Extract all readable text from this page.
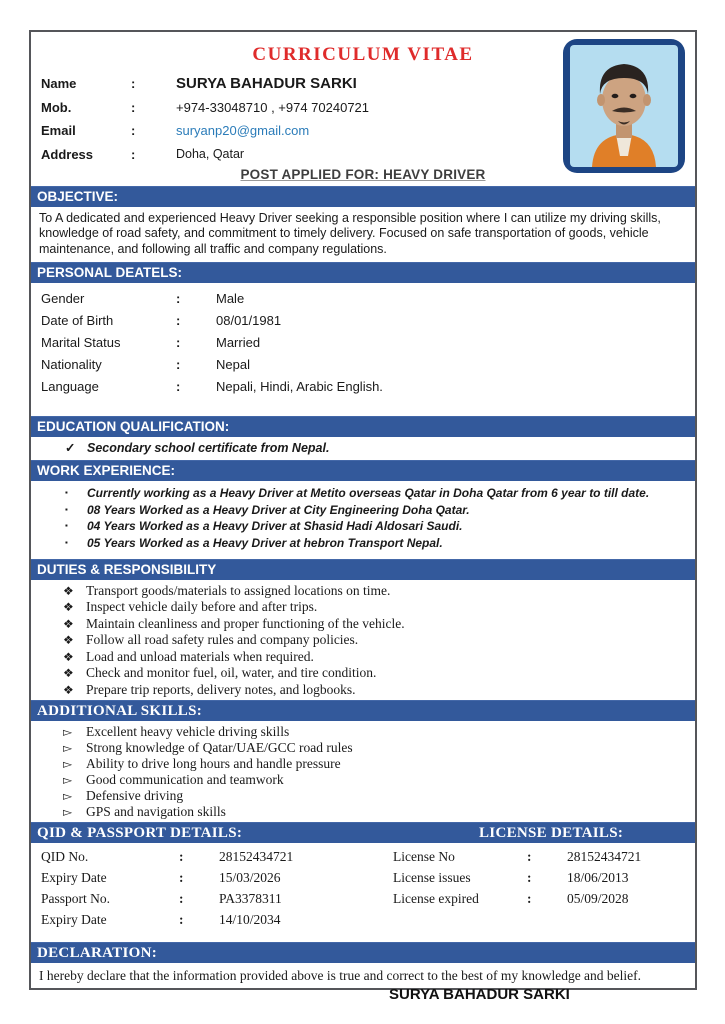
CURRICULUM VITAE
Name	:	SURYA BAHADUR SARKI
Mob.	:	+974-33048710 , +974 70240721
Email	:	suryanp20@gmail.com
Address	:	Doha, Qatar
POST APPLIED FOR: HEAVY DRIVER
OBJECTIVE:
To A dedicated and experienced Heavy Driver seeking a responsible position where I can utilize my driving skills, knowledge of road safety, and commitment to timely delivery. Focused on safe transportation of goods, vehicle maintenance, and following all traffic and company regulations.
PERSONAL DEATELS:
Gender	:	Male
Date of Birth	:	08/01/1981
Marital Status	:	Married
Nationality	:	Nepal
Language	:	Nepali, Hindi, Arabic English.
EDUCATION QUALIFICATION:
✓ Secondary school certificate from Nepal.
WORK EXPERIENCE:
▪	Currently working as a Heavy Driver at Metito overseas Qatar in Doha Qatar from 6 year to till date.
▪	08 Years Worked as a Heavy Driver at City Engineering Doha Qatar.
▪	04 Years Worked as a Heavy Driver at Shasid Hadi Aldosari Saudi.
▪	05 Years Worked as a Heavy Driver at hebron Transport Nepal.
DUTIES & RESPONSIBILITY
❖ Transport goods/materials to assigned locations on time.
❖ Inspect vehicle daily before and after trips.
❖ Maintain cleanliness and proper functioning of the vehicle.
❖ Follow all road safety rules and company policies.
❖ Load and unload materials when required.
❖ Check and monitor fuel, oil, water, and tire condition.
❖ Prepare trip reports, delivery notes, and logbooks.
ADDITIONAL SKILLS:
▻	Excellent heavy vehicle driving skills
▻	Strong knowledge of Qatar/UAE/GCC road rules
▻	Ability to drive long hours and handle pressure
▻	Good communication and teamwork
▻	Defensive driving
▻	GPS and navigation skills
QID & PASSPORT DETAILS:	LICENSE DETAILS:
QID No.	:	28152434721
Expiry Date	:	15/03/2026
Passport No.	:	PA3378311
Expiry Date	:	14/10/2034
License No	:	28152434721
License issues	:	18/06/2013
License expired	:	05/09/2028
DECLARATION:
I hereby declare that the information provided above is true and correct to the best of my knowledge and belief.
SURYA BAHADUR SARKI
